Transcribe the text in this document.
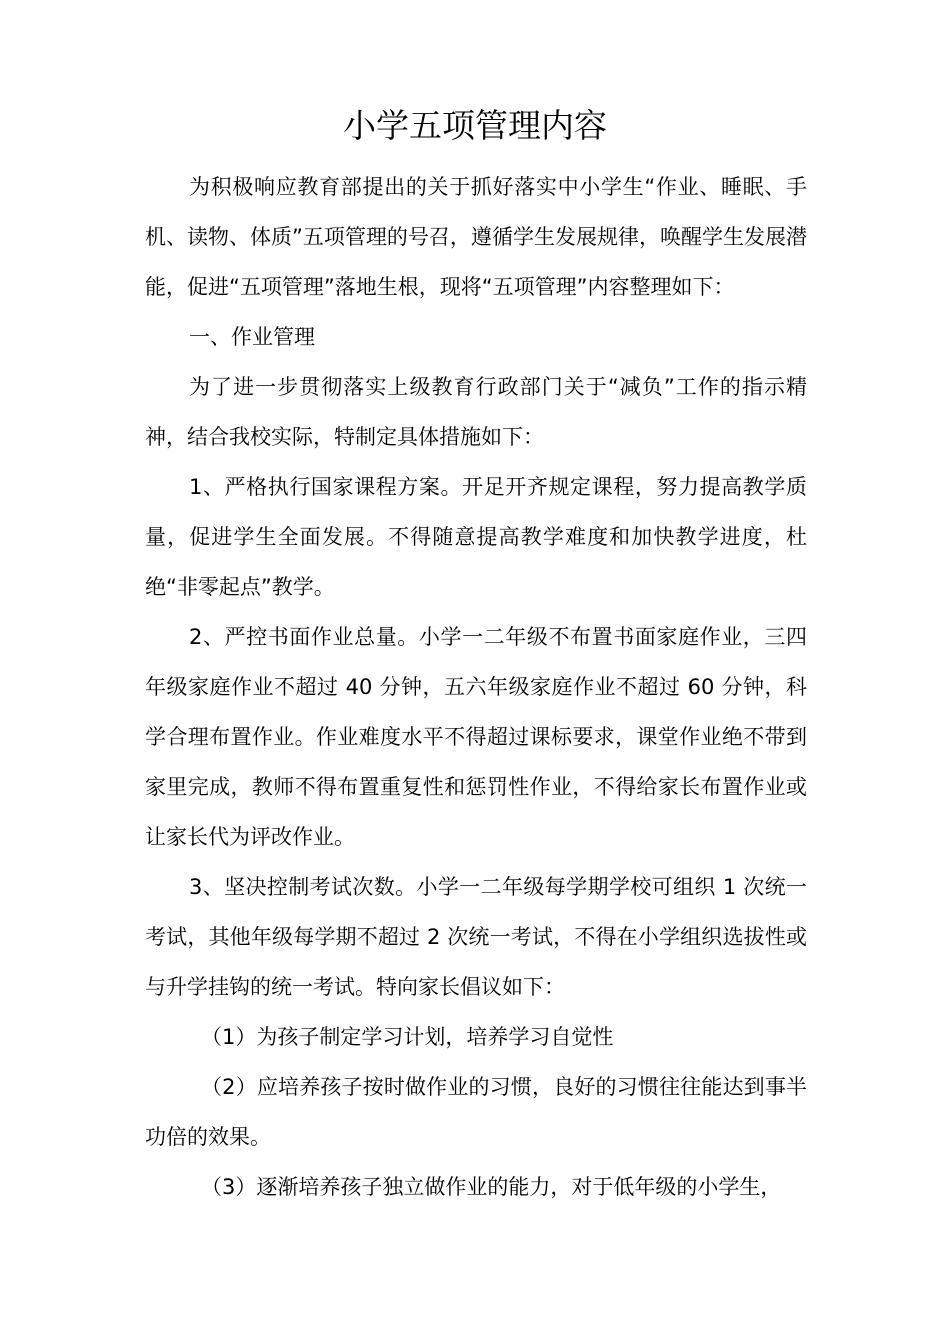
小学五项管理内容

为积极响应教育部提出的关于抓好落实中小学生“作业、睡眠、手机、读物、体质”五项管理的号召，遵循学生发展规律，唤醒学生发展潜能，促进“五项管理”落地生根，现将“五项管理”内容整理如下：

一、作业管理

为了进一步贯彻落实上级教育行政部门关于“减负”工作的指示精神，结合我校实际，特制定具体措施如下：

1、严格执行国家课程方案。开足开齐规定课程，努力提高教学质量，促进学生全面发展。不得随意提高教学难度和加快教学进度，杜绝“非零起点”教学。

2、严控书面作业总量。小学一二年级不布置书面家庭作业，三四年级家庭作业不超过 40 分钟，五六年级家庭作业不超过 60 分钟，科学合理布置作业。作业难度水平不得超过课标要求，课堂作业绝不带到家里完成，教师不得布置重复性和惩罚性作业，不得给家长布置作业或让家长代为评改作业。

3、坚决控制考试次数。小学一二年级每学期学校可组织 1 次统一考试，其他年级每学期不超过 2 次统一考试，不得在小学组织选拔性或与升学挂钩的统一考试。特向家长倡议如下：

（1）为孩子制定学习计划，培养学习自觉性

（2）应培养孩子按时做作业的习惯，良好的习惯往往能达到事半功倍的效果。

（3）逐渐培养孩子独立做作业的能力，对于低年级的小学生，
